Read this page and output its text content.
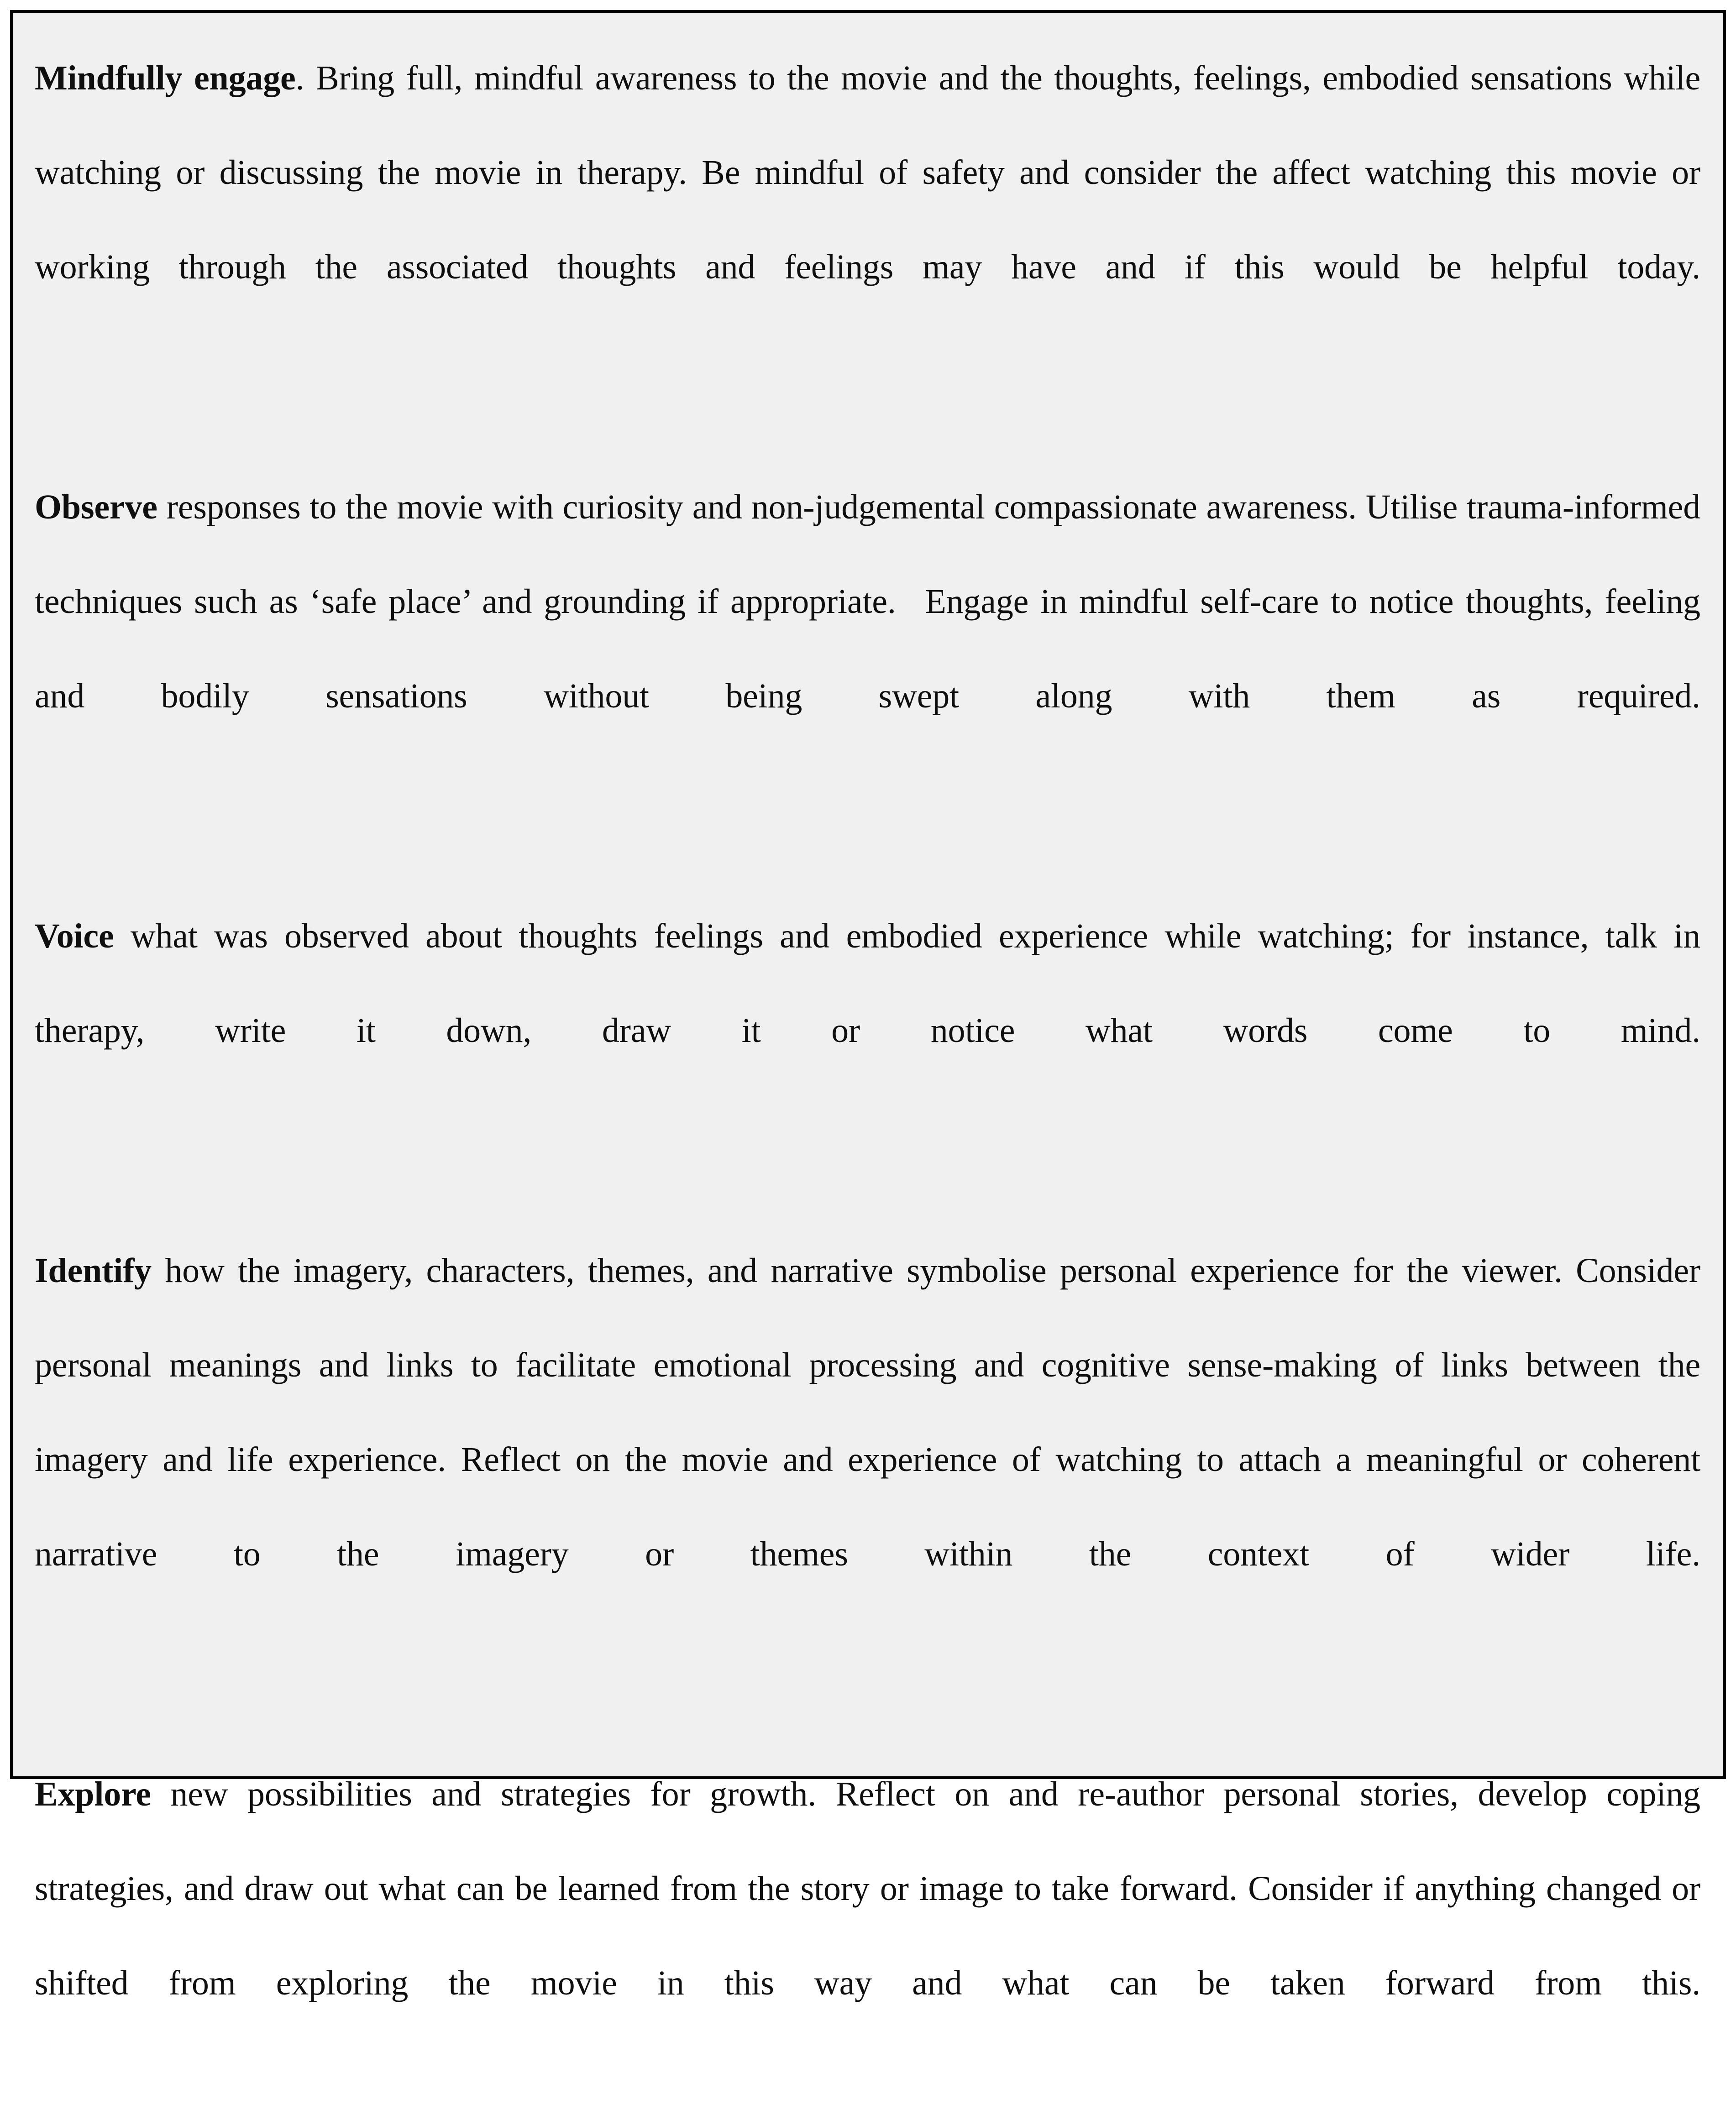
Mindfully engage. Bring full, mindful awareness to the movie and the thoughts, feelings, embodied sensations while watching or discussing the movie in therapy. Be mindful of safety and consider the affect watching this movie or working through the associated thoughts and feelings may have and if this would be helpful today.

Observe responses to the movie with curiosity and non-judgemental compassionate awareness. Utilise trauma-informed techniques such as ‘safe place’ and grounding if appropriate.  Engage in mindful self-care to notice thoughts, feeling and bodily sensations without being swept along with them as required.

Voice what was observed about thoughts feelings and embodied experience while watching; for instance, talk in therapy, write it down, draw it or notice what words come to mind.

Identify how the imagery, characters, themes, and narrative symbolise personal experience for the viewer. Consider personal meanings and links to facilitate emotional processing and cognitive sense-making of links between the imagery and life experience. Reflect on the movie and experience of watching to attach a meaningful or coherent narrative to the imagery or themes within the context of wider life.

Explore new possibilities and strategies for growth. Reflect on and re-author personal stories, develop coping strategies, and draw out what can be learned from the story or image to take forward. Consider if anything changed or shifted from exploring the movie in this way and what can be taken forward from this.
